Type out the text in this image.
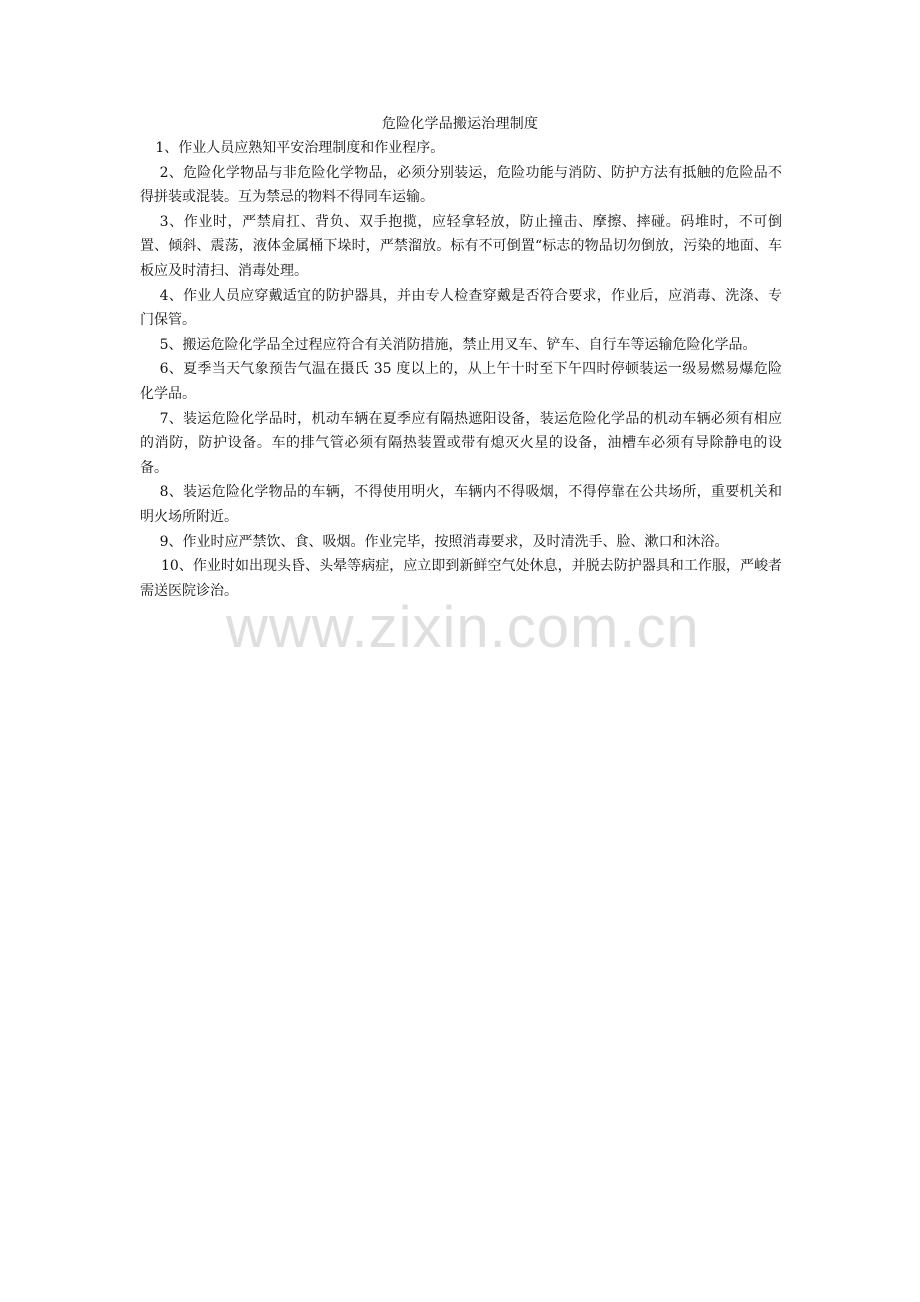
危险化学品搬运治理制度

1、作业人员应熟知平安治理制度和作业程序。

2、危险化学物品与非危险化学物品，必须分别装运，危险功能与消防、防护方法有抵触的危险品不得拼装或混装。互为禁忌的物料不得同车运输。

3、作业时，严禁肩扛、背负、双手抱揽，应轻拿轻放，防止撞击、摩擦、摔碰。码堆时，不可倒置、倾斜、震荡，液体金属桶下垛时，严禁溜放。标有不可倒置“标志的物品切勿倒放，污染的地面、车板应及时清扫、消毒处理。

4、作业人员应穿戴适宜的防护器具，并由专人检查穿戴是否符合要求，作业后，应消毒、洗涤、专门保管。

5、搬运危险化学品全过程应符合有关消防措施，禁止用叉车、铲车、自行车等运输危险化学品。

6、夏季当天气象预告气温在摄氏 35 度以上的，从上午十时至下午四时停顿装运一级易燃易爆危险化学品。

7、装运危险化学品时，机动车辆在夏季应有隔热遮阳设备，装运危险化学品的机动车辆必须有相应的消防，防护设备。车的排气管必须有隔热装置或带有熄灭火星的设备，油槽车必须有导除静电的设备。

8、装运危险化学物品的车辆，不得使用明火，车辆内不得吸烟，不得停靠在公共场所，重要机关和明火场所附近。

9、作业时应严禁饮、食、吸烟。作业完毕，按照消毒要求，及时清洗手、脸、漱口和沐浴。

10、作业时如出现头昏、头晕等病症，应立即到新鲜空气处休息，并脱去防护器具和工作服，严峻者需送医院诊治。

www.zixin.com.cn
